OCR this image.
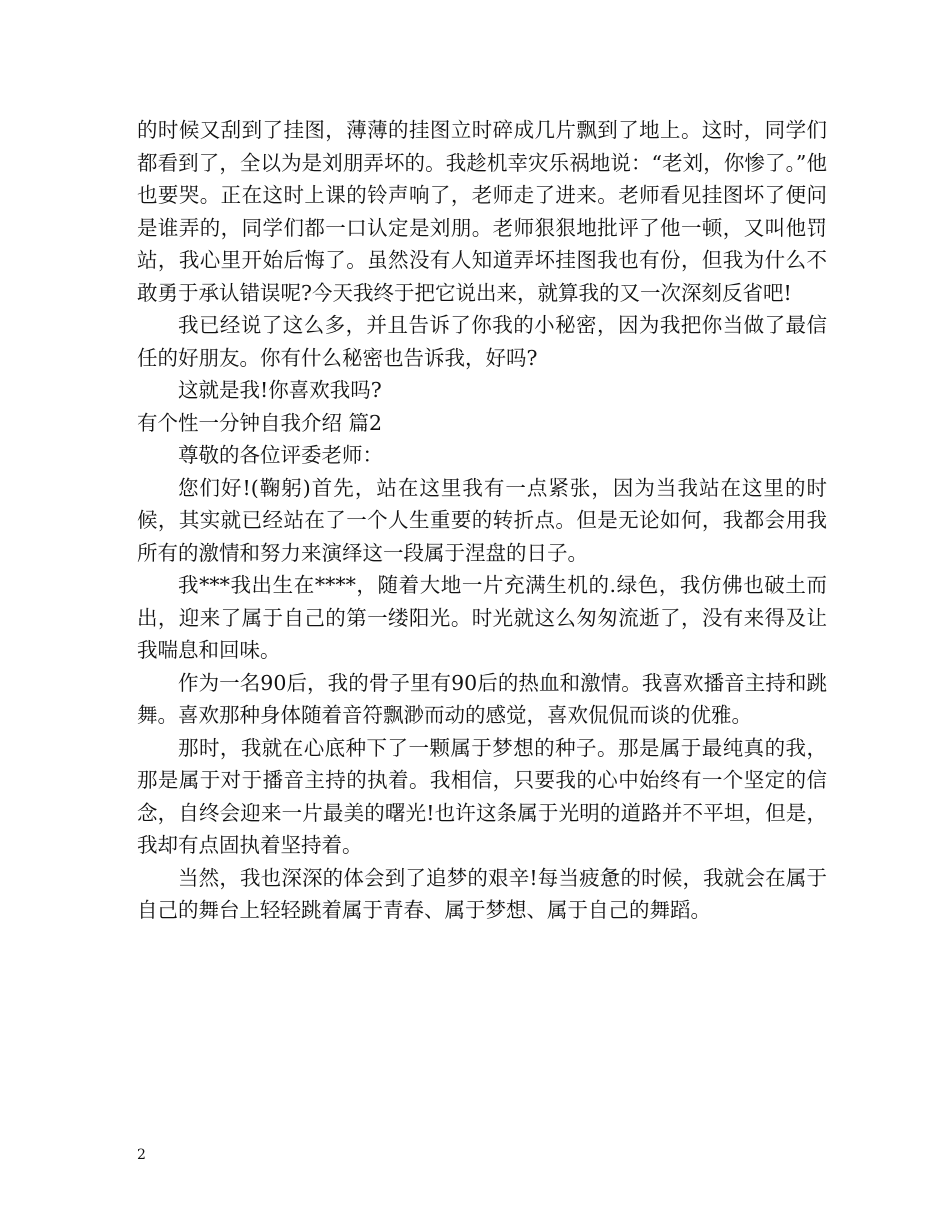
的时候又刮到了挂图，薄薄的挂图立时碎成几片飘到了地上。这时，同学们都看到了，全以为是刘朋弄坏的。我趁机幸灾乐祸地说：“老刘，你惨了。”他也要哭。正在这时上课的铃声响了，老师走了进来。老师看见挂图坏了便问是谁弄的，同学们都一口认定是刘朋。老师狠狠地批评了他一顿，又叫他罚站，我心里开始后悔了。虽然没有人知道弄坏挂图我也有份，但我为什么不敢勇于承认错误呢?今天我终于把它说出来，就算我的又一次深刻反省吧!

我已经说了这么多，并且告诉了你我的小秘密，因为我把你当做了最信任的好朋友。你有什么秘密也告诉我，好吗?

这就是我!你喜欢我吗?

有个性一分钟自我介绍 篇2

尊敬的各位评委老师：

您们好!(鞠躬)首先，站在这里我有一点紧张，因为当我站在这里的时候，其实就已经站在了一个人生重要的转折点。但是无论如何，我都会用我所有的激情和努力来演绎这一段属于涅盘的日子。

我***我出生在****，随着大地一片充满生机的.绿色，我仿佛也破土而出，迎来了属于自己的第一缕阳光。时光就这么匆匆流逝了，没有来得及让我喘息和回味。

作为一名90后，我的骨子里有90后的热血和激情。我喜欢播音主持和跳舞。喜欢那种身体随着音符飘渺而动的感觉，喜欢侃侃而谈的优雅。

那时，我就在心底种下了一颗属于梦想的种子。那是属于最纯真的我，那是属于对于播音主持的执着。我相信，只要我的心中始终有一个坚定的信念，自终会迎来一片最美的曙光!也许这条属于光明的道路并不平坦，但是，我却有点固执着坚持着。

当然，我也深深的体会到了追梦的艰辛!每当疲惫的时候，我就会在属于自己的舞台上轻轻跳着属于青春、属于梦想、属于自己的舞蹈。

2
